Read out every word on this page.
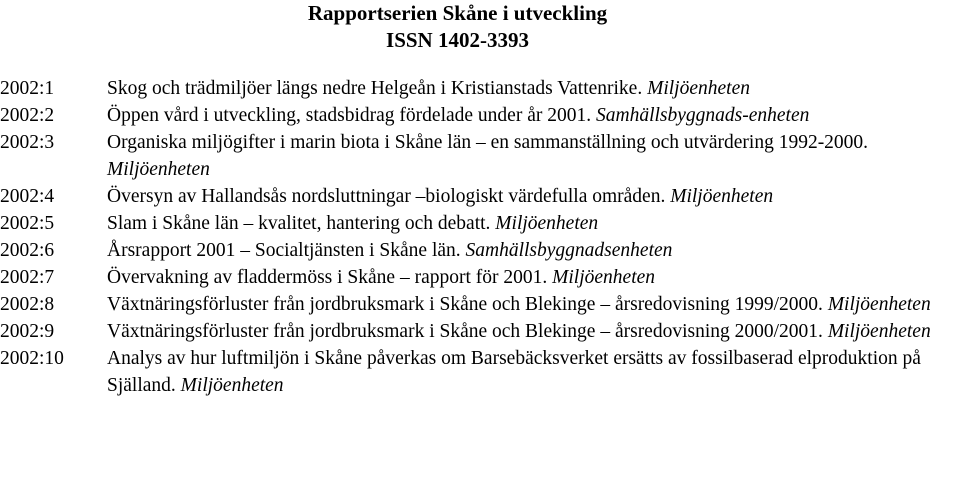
Rapportserien Skåne i utveckling
ISSN 1402-3393
2002:1	Skog och trädmiljöer längs nedre Helgeån i Kristianstads Vattenrike. Miljöenheten
2002:2	Öppen vård i utveckling, stadsbidrag fördelade under år 2001. Samhällsbyggnads-enheten
2002:3	Organiska miljögifter i marin biota i Skåne län – en sammanställning och utvärdering 1992-2000. Miljöenheten
2002:4	Översyn av Hallandsås nordsluttningar –biologiskt värdefulla områden. Miljöenheten
2002:5	Slam i Skåne län – kvalitet, hantering och debatt. Miljöenheten
2002:6	Årsrapport 2001 – Socialtjänsten i Skåne län. Samhällsbyggnadsenheten
2002:7	Övervakning av fladdermöss i Skåne – rapport för 2001. Miljöenheten
2002:8	Växtnäringsförluster från jordbruksmark i Skåne och Blekinge – årsredovisning 1999/2000. Miljöenheten
2002:9	Växtnäringsförluster från jordbruksmark i Skåne och Blekinge – årsredovisning 2000/2001. Miljöenheten
2002:10	Analys av hur luftmiljön i Skåne påverkas om Barsebäcksverket ersätts av fossilbaserad elproduktion på Själland. Miljöenheten
